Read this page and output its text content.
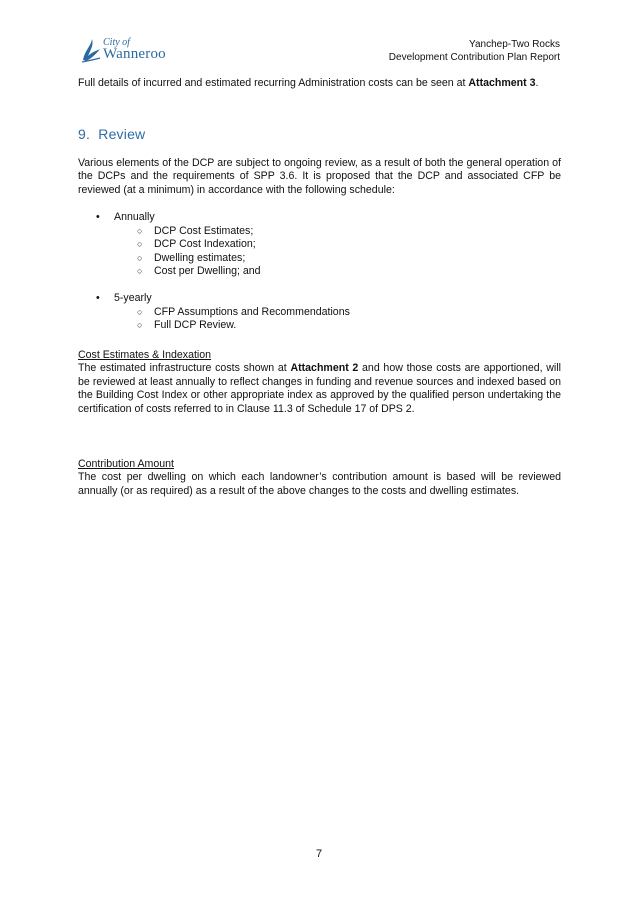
City of
Wanneroo
Yanchep-Two Rocks
Development Contribution Plan Report
Full details of incurred and estimated recurring Administration costs can be seen at Attachment 3.
9. Review
Various elements of the DCP are subject to ongoing review, as a result of both the general operation of the DCPs and the requirements of SPP 3.6. It is proposed that the DCP and associated CFP be reviewed (at a minimum) in accordance with the following schedule:
• Annually
○ DCP Cost Estimates;
○ DCP Cost Indexation;
○ Dwelling estimates;
○ Cost per Dwelling; and
• 5-yearly
○ CFP Assumptions and Recommendations
○ Full DCP Review.
Cost Estimates & Indexation
The estimated infrastructure costs shown at Attachment 2 and how those costs are apportioned, will be reviewed at least annually to reflect changes in funding and revenue sources and indexed based on the Building Cost Index or other appropriate index as approved by the qualified person undertaking the certification of costs referred to in Clause 11.3 of Schedule 17 of DPS 2.
Contribution Amount
The cost per dwelling on which each landowner’s contribution amount is based will be reviewed annually (or as required) as a result of the above changes to the costs and dwelling estimates.
7
